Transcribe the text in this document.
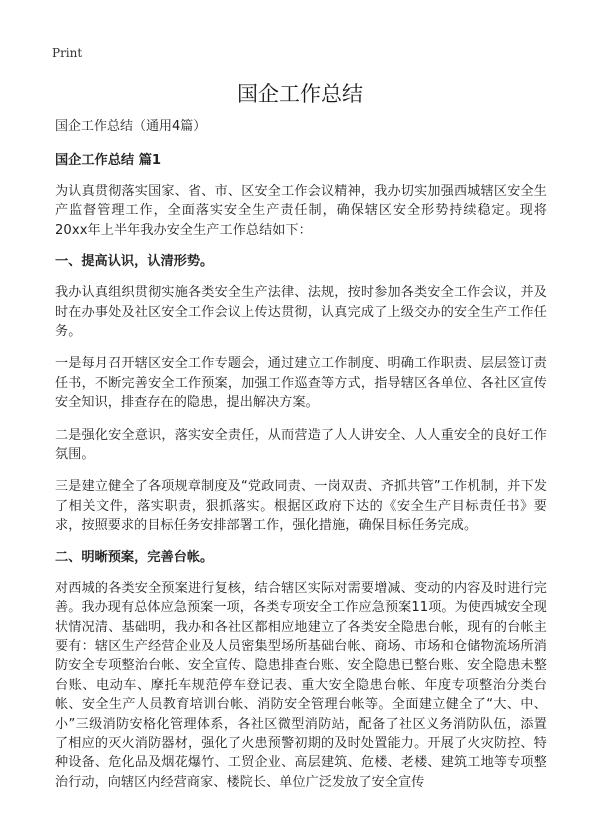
Print
国企工作总结
国企工作总结（通用4篇）
国企工作总结 篇1

为认真贯彻落实国家、省、市、区安全工作会议精神，我办切实加强西城辖区安全生产监督管理工作，全面落实安全生产责任制，确保辖区安全形势持续稳定。现将20xx年上半年我办安全生产工作总结如下：

一、提高认识，认清形势。

我办认真组织贯彻实施各类安全生产法律、法规，按时参加各类安全工作会议，并及时在办事处及社区安全工作会议上传达贯彻，认真完成了上级交办的安全生产工作任务。

一是每月召开辖区安全工作专题会，通过建立工作制度、明确工作职责、层层签订责任书，不断完善安全工作预案，加强工作巡查等方式，指导辖区各单位、各社区宣传安全知识，排查存在的隐患，提出解决方案。

二是强化安全意识，落实安全责任，从而营造了人人讲安全、人人重安全的良好工作氛围。

三是建立健全了各项规章制度及“党政同责、一岗双责、齐抓共管”工作机制，并下发了相关文件，落实职责，狠抓落实。根据区政府下达的《安全生产目标责任书》要求，按照要求的目标任务安排部署工作，强化措施，确保目标任务完成。

二、明晰预案，完善台帐。

对西城的各类安全预案进行复核，结合辖区实际对需要增减、变动的内容及时进行完善。我办现有总体应急预案一项，各类专项安全工作应急预案11项。为使西城安全现状情况清、基础明，我办和各社区都相应地建立了各类安全隐患台帐，现有的台帐主要有：辖区生产经营企业及人员密集型场所基础台帐、商场、市场和仓储物流场所消防安全专项整治台帐、安全宣传、隐患排查台账、安全隐患已整台账、安全隐患未整台账、电动车、摩托车规范停车登记表、重大安全隐患台帐、年度专项整治分类台帐、安全生产人员教育培训台帐、消防安全管理台帐等。全面建立健全了“大、中、小”三级消防安格化管理体系，各社区微型消防站，配备了社区义务消防队伍，添置了相应的灭火消防器材，强化了火患预警初期的及时处置能力。开展了火灾防控、特种设备、危化品及烟花爆竹、工贸企业、高层建筑、危楼、老楼、建筑工地等专项整治行动，向辖区内经营商家、楼院长、单位广泛发放了安全宣传
